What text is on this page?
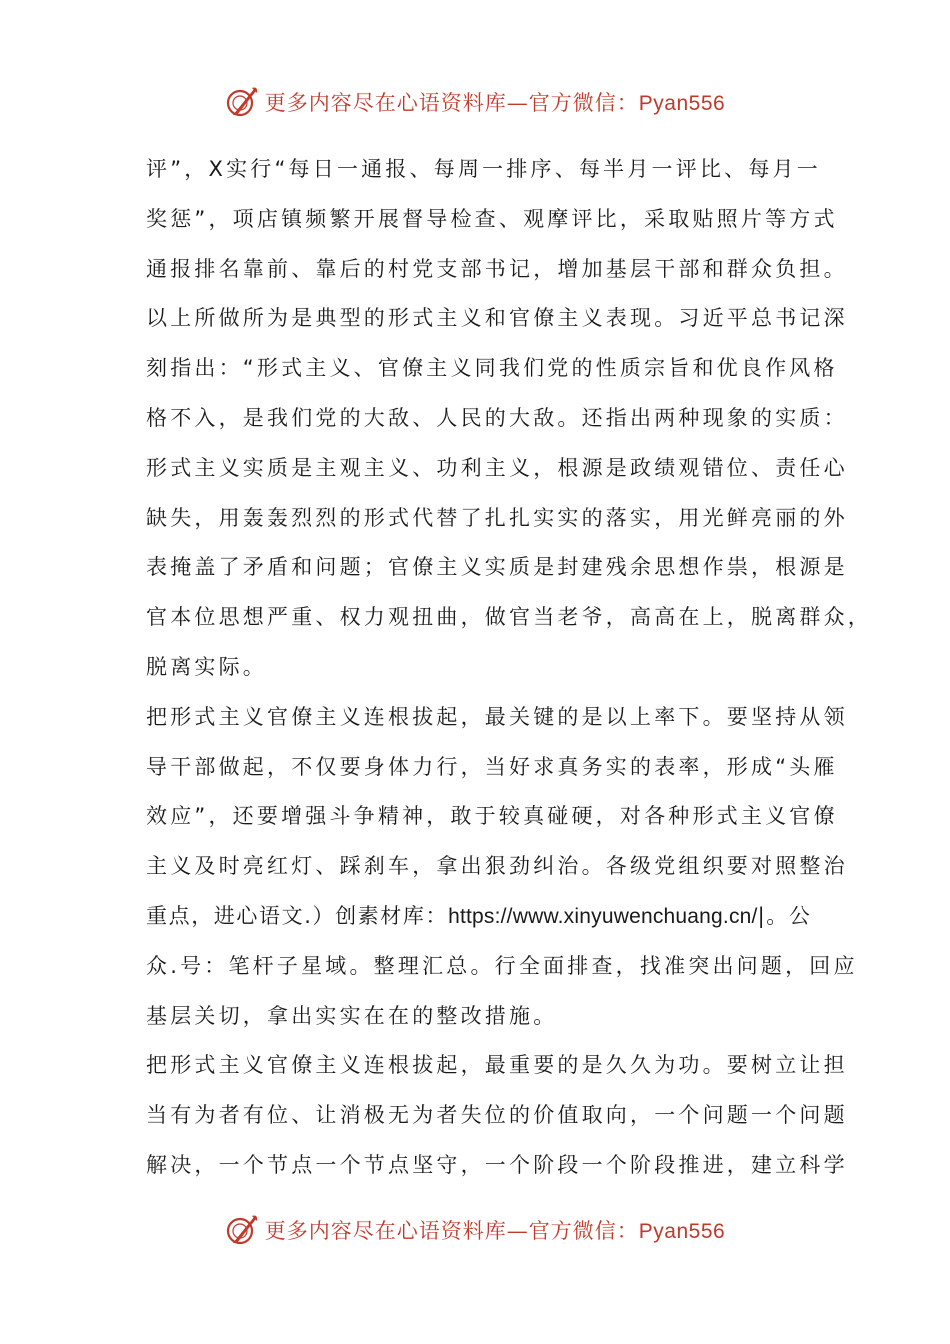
更多内容尽在心语资料库—官方微信：Pyan556
评”，X实行“每日一通报、每周一排序、每半月一评比、每月一
奖惩”，项店镇频繁开展督导检查、观摩评比，采取贴照片等方式
通报排名靠前、靠后的村党支部书记，增加基层干部和群众负担。
以上所做所为是典型的形式主义和官僚主义表现。习近平总书记深
刻指出：“形式主义、官僚主义同我们党的性质宗旨和优良作风格
格不入，是我们党的大敌、人民的大敌。还指出两种现象的实质：
形式主义实质是主观主义、功利主义，根源是政绩观错位、责任心
缺失，用轰轰烈烈的形式代替了扎扎实实的落实，用光鲜亮丽的外
表掩盖了矛盾和问题；官僚主义实质是封建残余思想作祟，根源是
官本位思想严重、权力观扭曲，做官当老爷，高高在上，脱离群众，
脱离实际。
把形式主义官僚主义连根拔起，最关键的是以上率下。要坚持从领
导干部做起，不仅要身体力行，当好求真务实的表率，形成“头雁
效应”，还要增强斗争精神，敢于较真碰硬，对各种形式主义官僚
主义及时亮红灯、踩刹车，拿出狠劲纠治。各级党组织要对照整治
重点，进心语文.）创素材库：https://www.xinyuwenchuang.cn/|。公
众.号：笔杆子星域。整理汇总。行全面排查，找准突出问题，回应
基层关切，拿出实实在在的整改措施。
把形式主义官僚主义连根拔起，最重要的是久久为功。要树立让担
当有为者有位、让消极无为者失位的价值取向，一个问题一个问题
解决，一个节点一个节点坚守，一个阶段一个阶段推进，建立科学
更多内容尽在心语资料库—官方微信：Pyan556
